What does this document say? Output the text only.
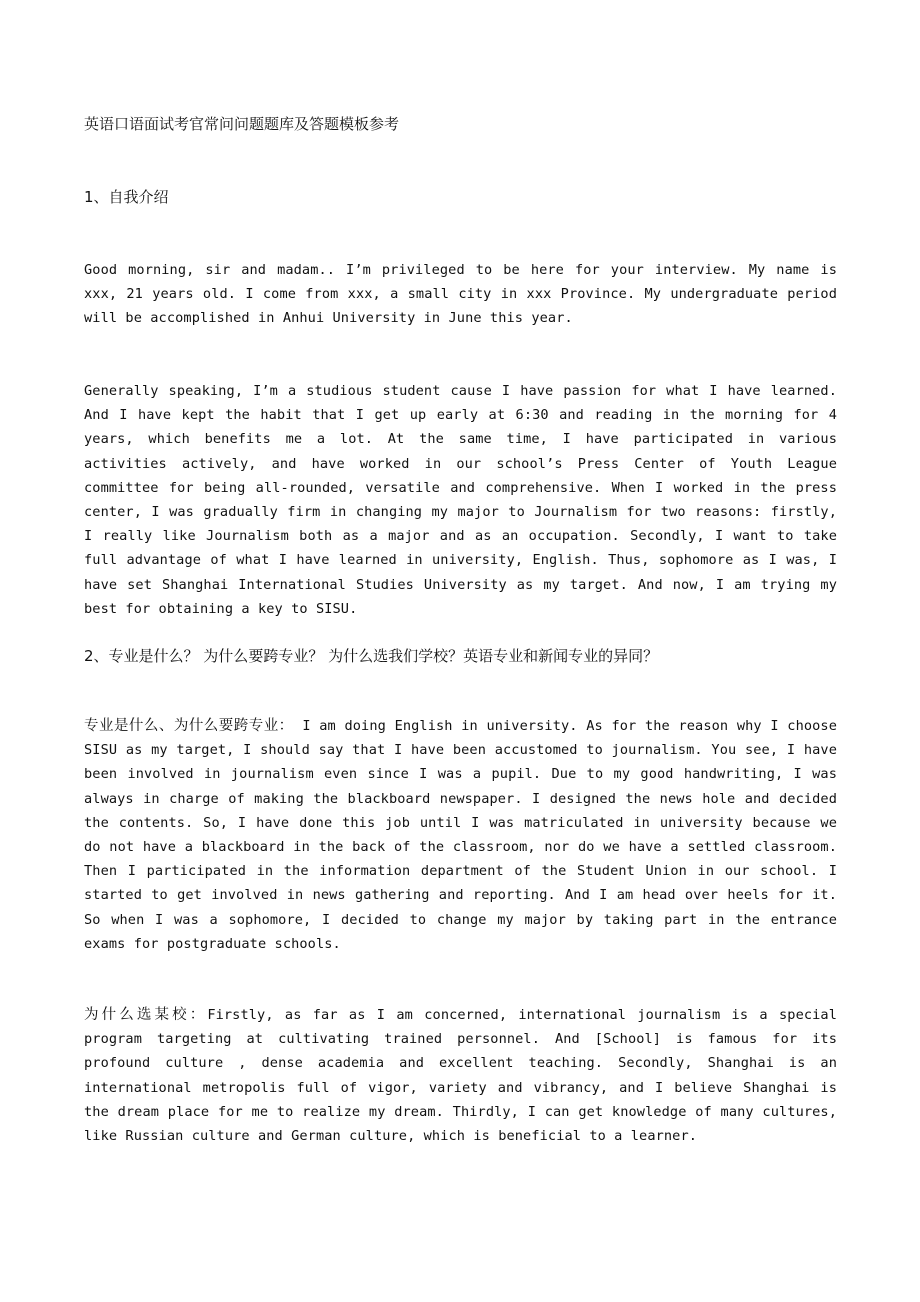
英语口语面试考官常问问题题库及答题模板参考
1、自我介绍
Good morning, sir and madam.. I’m privileged to be here for your interview. My name is xxx, 21 years old. I come from xxx, a small city in xxx Province. My undergraduate period will be accomplished in Anhui University in June this year.
Generally speaking, I’m a studious student cause I have passion for what I have learned. And I have kept the habit that I get up early at 6:30 and reading in the morning for 4 years, which benefits me a lot. At the same time, I have participated in various activities actively, and have worked in our school’s Press Center of Youth League committee for being all-rounded, versatile and comprehensive. When I worked in the press center, I was gradually firm in changing my major to Journalism for two reasons: firstly, I really like Journalism both as a major and as an occupation. Secondly, I want to take full advantage of what I have learned in university, English. Thus, sophomore as I was, I have set Shanghai International Studies University as my target. And now, I am trying my best for obtaining a key to SISU.
2、专业是什么？ 为什么要跨专业？ 为什么选我们学校？英语专业和新闻专业的异同？
专业是什么、为什么要跨专业： I am doing English in university. As for the reason why I choose SISU as my target, I should say that I have been accustomed to journalism. You see, I have been involved in journalism even since I was a pupil. Due to my good handwriting, I was always in charge of making the blackboard newspaper. I designed the news hole and decided the contents. So, I have done this job until I was matriculated in university because we do not have a blackboard in the back of the classroom, nor do we have a settled classroom. Then I participated in the information department of the Student Union in our school. I started to get involved in news gathering and reporting. And I am head over heels for it. So when I was a sophomore, I decided to change my major by taking part in the entrance exams for postgraduate schools.
为什么选某校：Firstly, as far as I am concerned, international journalism is a special program targeting at cultivating trained personnel. And [School] is famous for its profound culture , dense academia and excellent teaching. Secondly, Shanghai is an international metropolis full of vigor, variety and vibrancy, and I believe Shanghai is the dream place for me to realize my dream. Thirdly, I can get knowledge of many cultures, like Russian culture and German culture, which is beneficial to a learner.
